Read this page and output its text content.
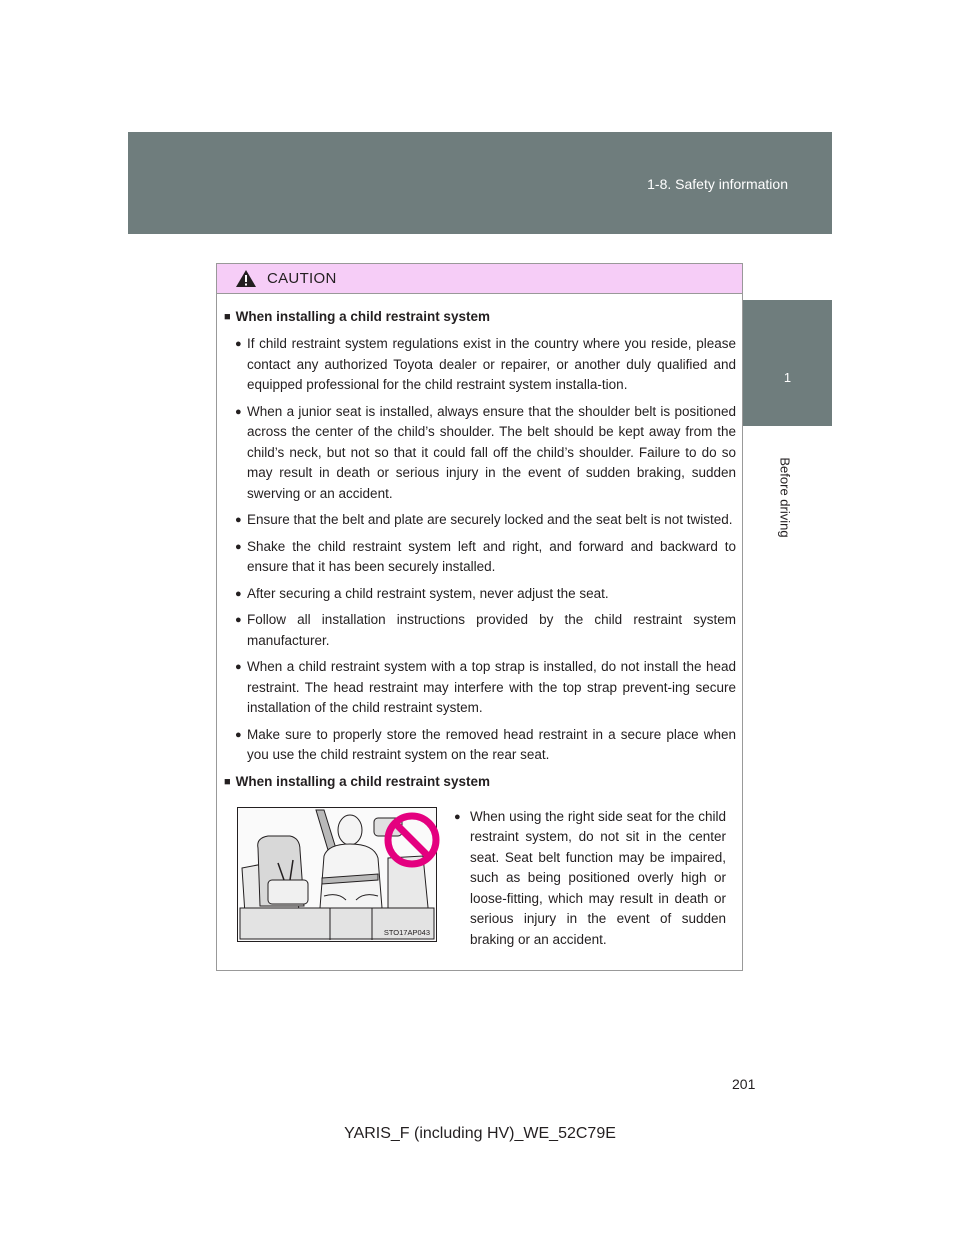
1-8. Safety information
1
Before driving
CAUTION
■ When installing a child restraint system

● If child restraint system regulations exist in the country where you reside, please contact any authorized Toyota dealer or repairer, or another duly qualified and equipped professional for the child restraint system installa-tion.

● When a junior seat is installed, always ensure that the shoulder belt is positioned across the center of the child’s shoulder. The belt should be kept away from the child’s neck, but not so that it could fall off the child’s shoulder. Failure to do so may result in death or serious injury in the event of sudden braking, sudden swerving or an accident.

● Ensure that the belt and plate are securely locked and the seat belt is not twisted.

● Shake the child restraint system left and right, and forward and backward to ensure that it has been securely installed.

● After securing a child restraint system, never adjust the seat.

● Follow all installation instructions provided by the child restraint system manufacturer.

● When a child restraint system with a top strap is installed, do not install the head restraint. The head restraint may interfere with the top strap prevent-ing secure installation of the child restraint system.

● Make sure to properly store the removed head restraint in a secure place when you use the child restraint system on the rear seat.

■ When installing a child restraint system
STO17AP043

● When using the right side seat for the child restraint system, do not sit in the center seat. Seat belt function may be impaired, such as being positioned overly high or loose-fitting, which may result in death or serious injury in the event of sudden braking or an accident.

201
YARIS_F (including HV)_WE_52C79E
